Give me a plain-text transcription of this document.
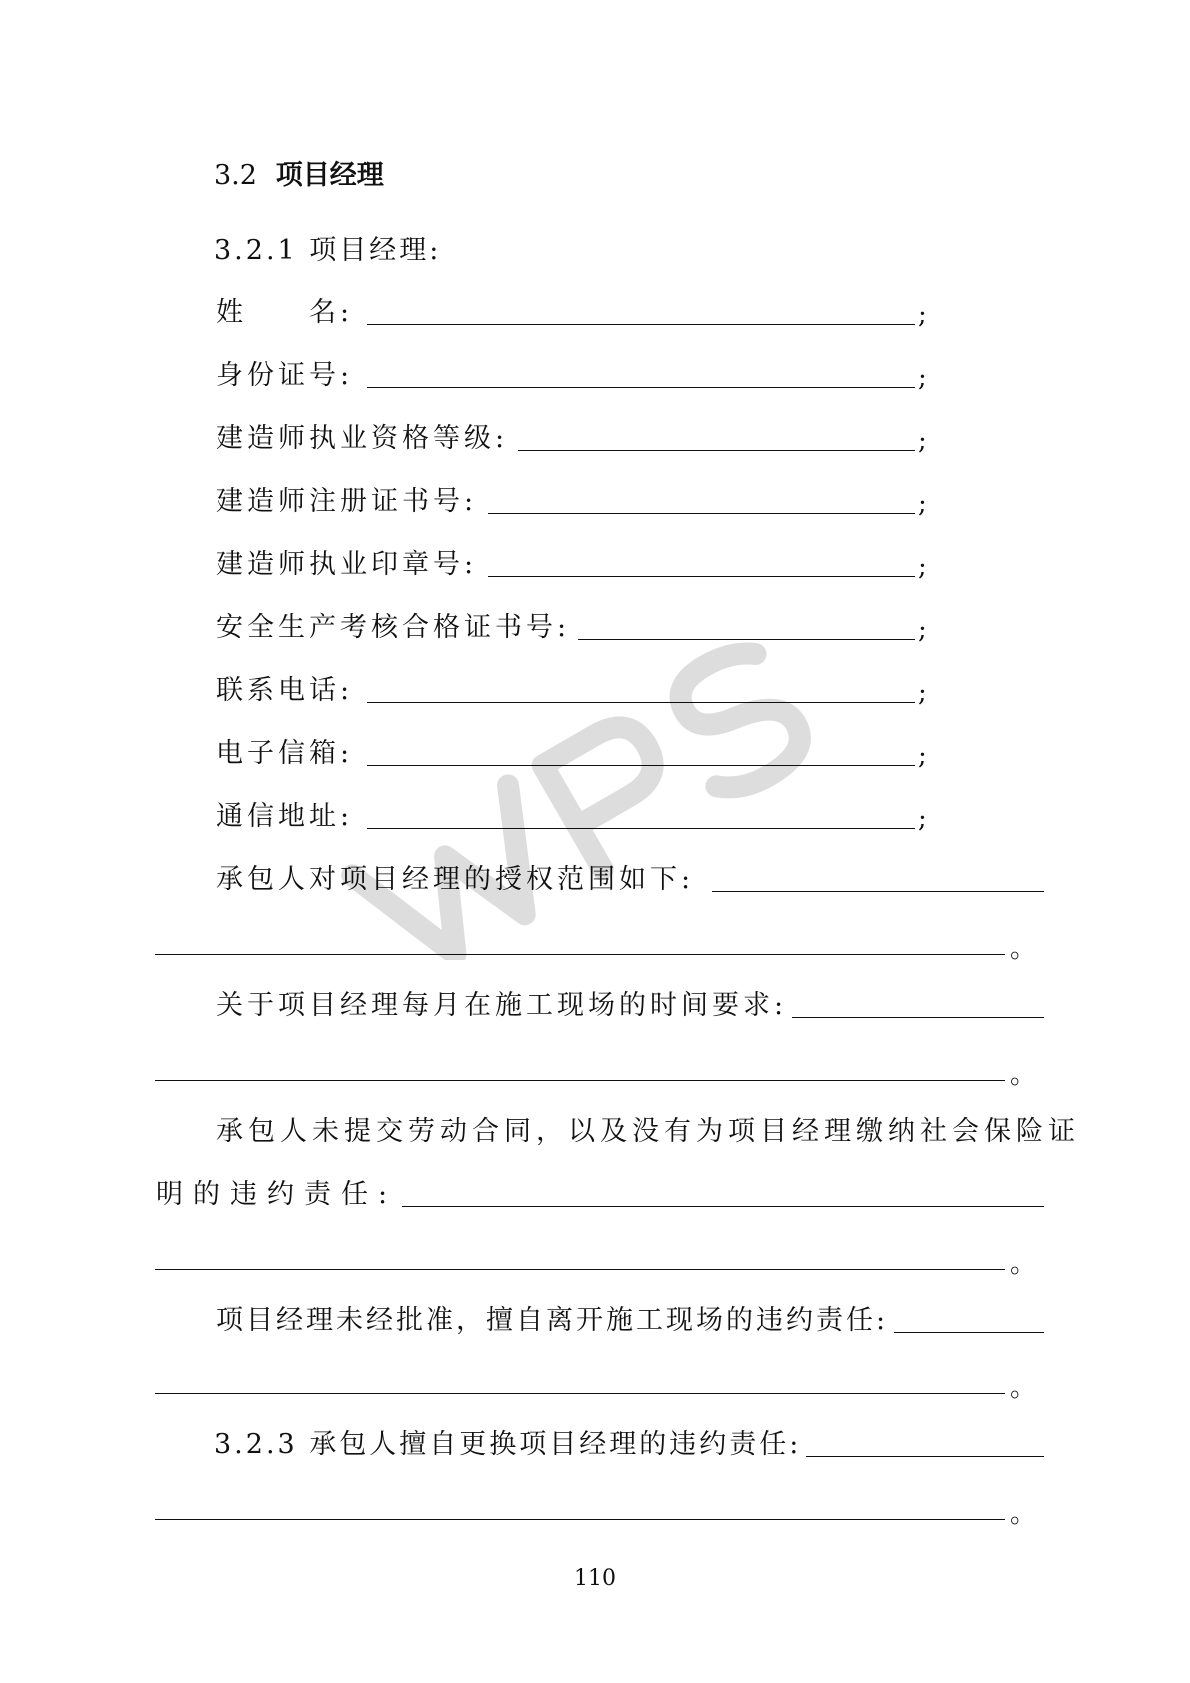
3.2 项目经理
3.2.1 项目经理:
姓　　名:	;
身份证号:	;
建造师执业资格等级:	;
建造师注册证书号:	;
建造师执业印章号:	;
安全生产考核合格证书号:	;
联系电话:	;
电子信箱:	;
通信地址:	;
承包人对项目经理的授权范围如下:
。
关于项目经理每月在施工现场的时间要求:
。
承包人未提交劳动合同，以及没有为项目经理缴纳社会保险证
明的违约责任:
。
项目经理未经批准，擅自离开施工现场的违约责任:
。
3.2.3 承包人擅自更换项目经理的违约责任:
。
110
